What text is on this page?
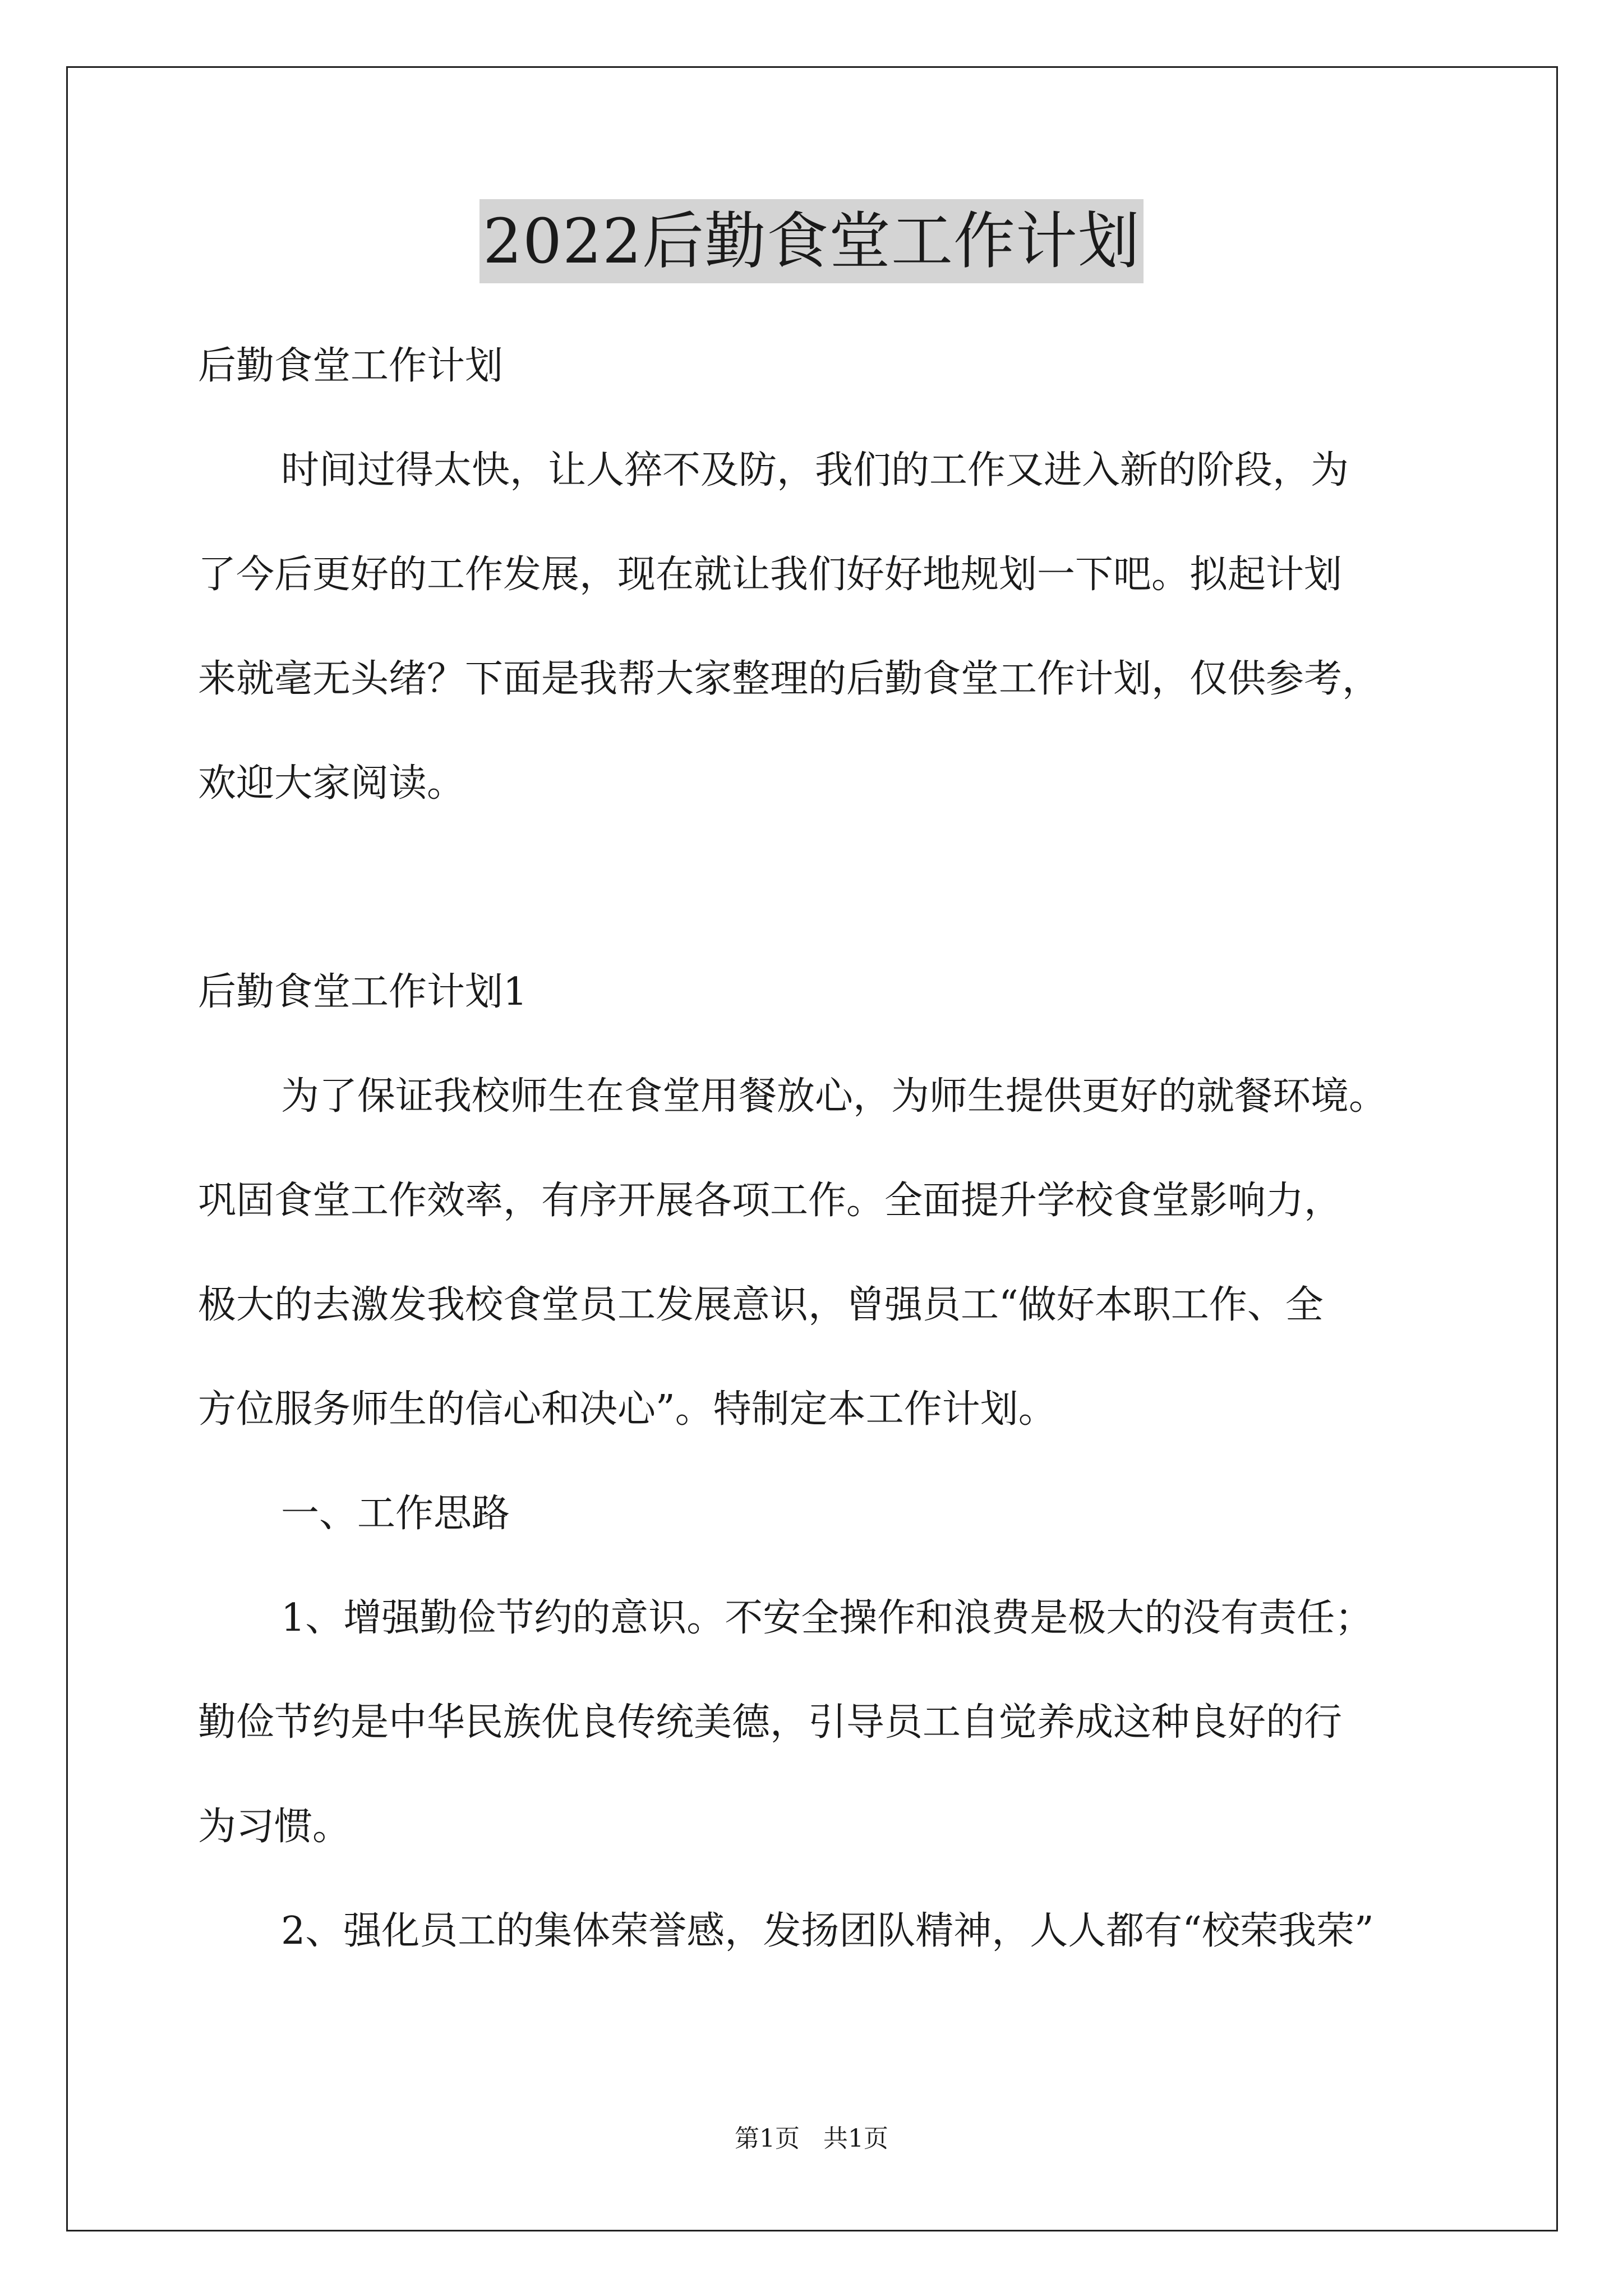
2022后勤食堂工作计划
后勤食堂工作计划
时间过得太快，让人猝不及防，我们的工作又进入新的阶段，为
了今后更好的工作发展，现在就让我们好好地规划一下吧。拟起计划
来就毫无头绪？下面是我帮大家整理的后勤食堂工作计划，仅供参考，
欢迎大家阅读。
后勤食堂工作计划1
为了保证我校师生在食堂用餐放心，为师生提供更好的就餐环境。
巩固食堂工作效率，有序开展各项工作。全面提升学校食堂影响力，
极大的去激发我校食堂员工发展意识，曾强员工“做好本职工作、全
方位服务师生的信心和决心”。特制定本工作计划。
一、工作思路
1、增强勤俭节约的意识。不安全操作和浪费是极大的没有责任；
勤俭节约是中华民族优良传统美德，引导员工自觉养成这种良好的行
为习惯。
2、强化员工的集体荣誉感，发扬团队精神，人人都有“校荣我荣”
第1页 共1页
